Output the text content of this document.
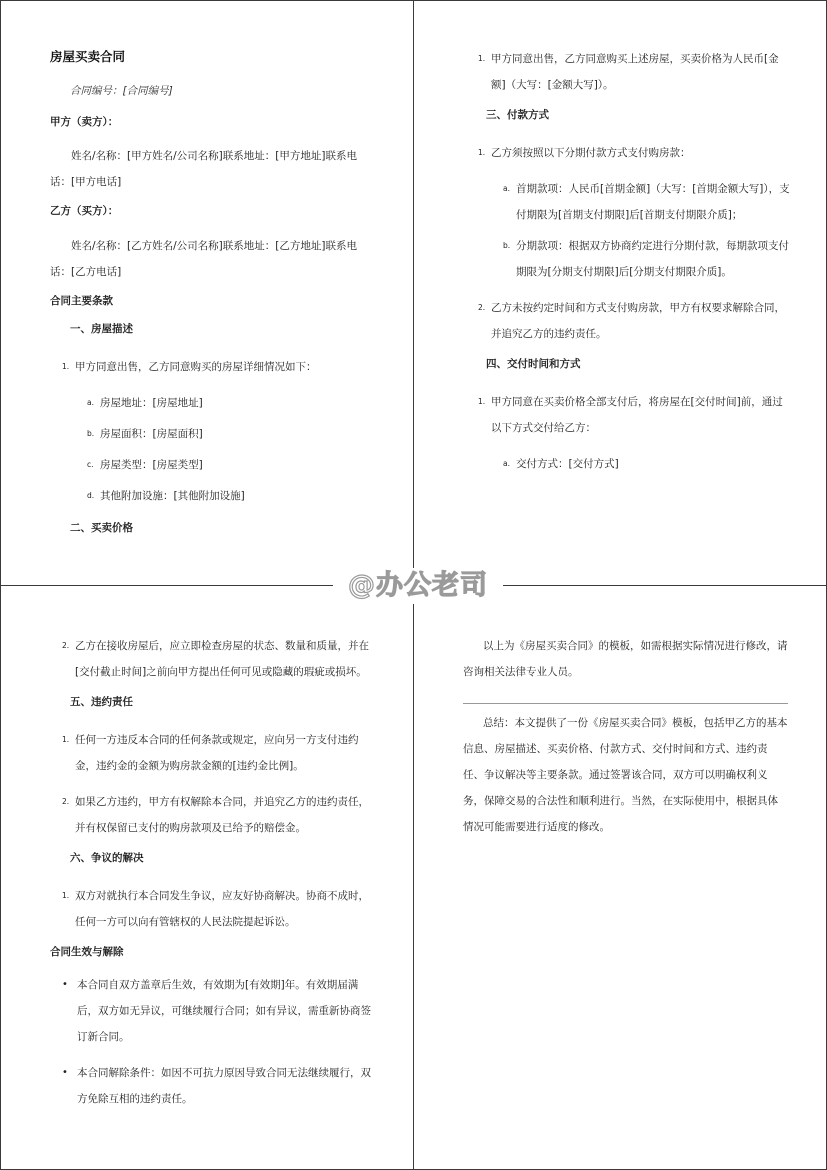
房屋买卖合同
合同编号：[合同编号]
甲方（卖方）：
姓名/名称：[甲方姓名/公司名称]联系地址：[甲方地址]联系电话：[甲方电话]
乙方（买方）：
姓名/名称：[乙方姓名/公司名称]联系地址：[乙方地址]联系电话：[乙方电话]
合同主要条款
一、房屋描述
1. 甲方同意出售，乙方同意购买的房屋详细情况如下：
a. 房屋地址：[房屋地址]
b. 房屋面积：[房屋面积]
c. 房屋类型：[房屋类型]
d. 其他附加设施：[其他附加设施]
二、买卖价格
1. 甲方同意出售，乙方同意购买上述房屋，买卖价格为人民币[金额]（大写：[金额大写]）。
三、付款方式
1. 乙方须按照以下分期付款方式支付购房款：
a. 首期款项：人民币[首期金额]（大写：[首期金额大写]），支付期限为[首期支付期限]后[首期支付期限介质]；
b. 分期款项：根据双方协商约定进行分期付款，每期款项支付期限为[分期支付期限]后[分期支付期限介质]。
2. 乙方未按约定时间和方式支付购房款，甲方有权要求解除合同，并追究乙方的违约责任。
四、交付时间和方式
1. 甲方同意在买卖价格全部支付后，将房屋在[交付时间]前，通过以下方式交付给乙方：
a. 交付方式：[交付方式]
2. 乙方在接收房屋后，应立即检查房屋的状态、数量和质量，并在[交付截止时间]之前向甲方提出任何可见或隐藏的瑕疵或损坏。
五、违约责任
1. 任何一方违反本合同的任何条款或规定，应向另一方支付违约金，违约金的金额为购房款金额的[违约金比例]。
2. 如果乙方违约，甲方有权解除本合同，并追究乙方的违约责任，并有权保留已支付的购房款项及已给予的赔偿金。
六、争议的解决
1. 双方对就执行本合同发生争议，应友好协商解决。协商不成时，任何一方可以向有管辖权的人民法院提起诉讼。
合同生效与解除
• 本合同自双方盖章后生效，有效期为[有效期]年。有效期届满后，双方如无异议，可继续履行合同；如有异议，需重新协商签订新合同。
• 本合同解除条件：如因不可抗力原因导致合同无法继续履行，双方免除互相的违约责任。
以上为《房屋买卖合同》的模板，如需根据实际情况进行修改，请咨询相关法律专业人员。
总结：本文提供了一份《房屋买卖合同》模板，包括甲乙方的基本信息、房屋描述、买卖价格、付款方式、交付时间和方式、违约责任、争议解决等主要条款。通过签署该合同，双方可以明确权利义务，保障交易的合法性和顺利进行。当然，在实际使用中，根据具体情况可能需要进行适度的修改。
@办公老司
